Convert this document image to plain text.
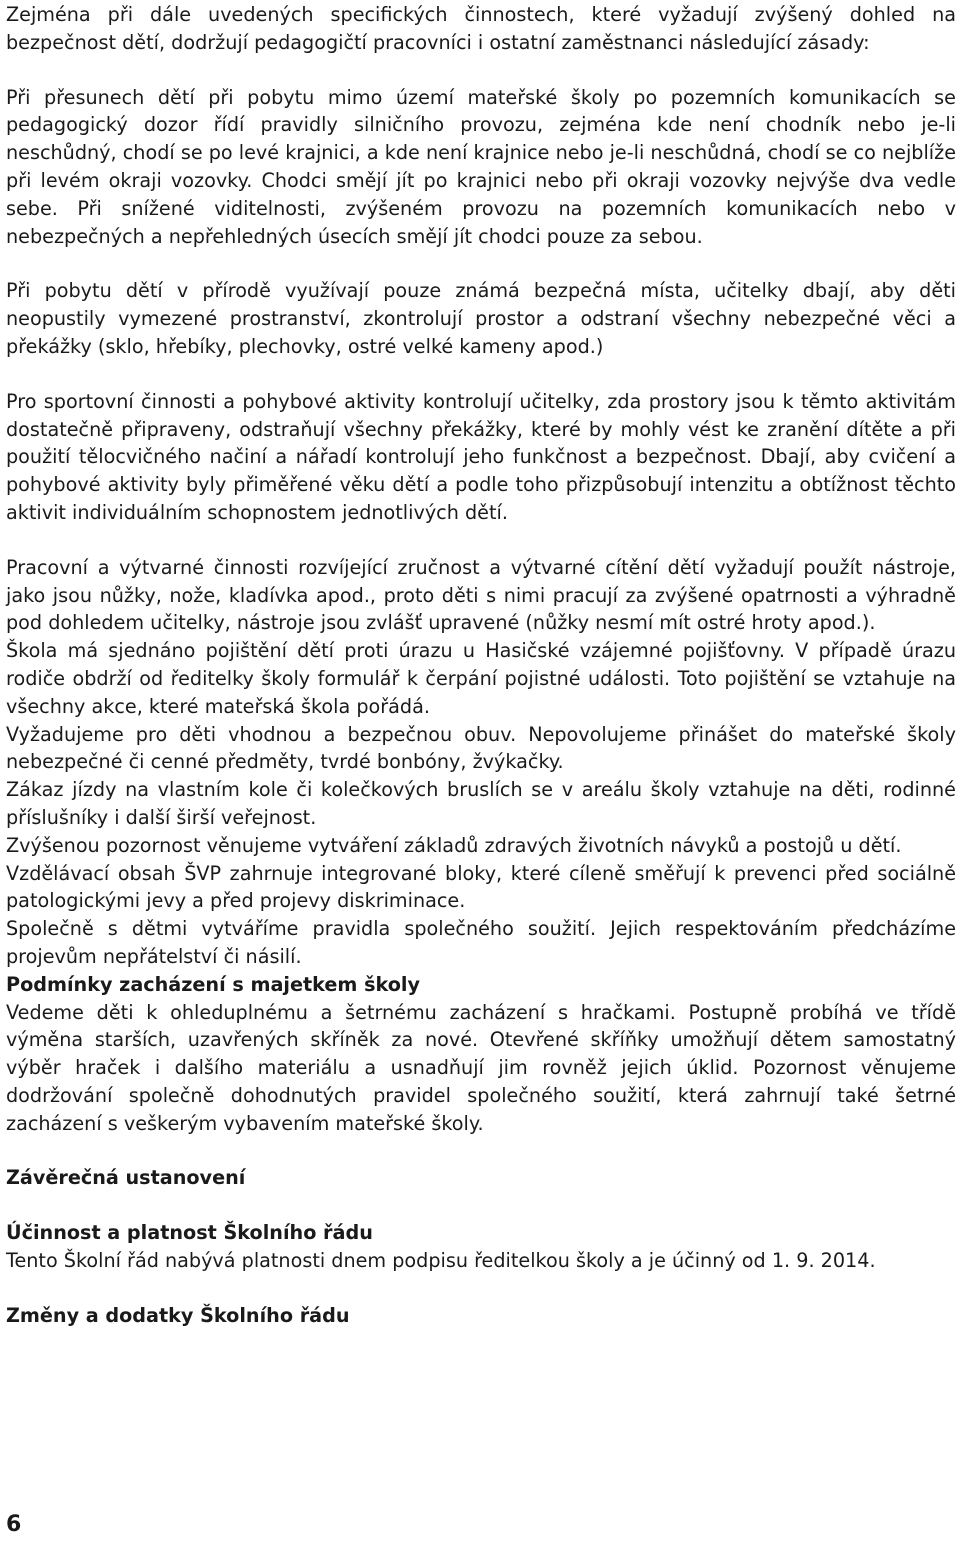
Zejména při dále uvedených specifických činnostech, které vyžadují zvýšený dohled na bezpečnost dětí, dodržují pedagogičtí pracovníci i ostatní zaměstnanci následující zásady:

Při přesunech dětí při pobytu mimo území mateřské školy po pozemních komunikacích se pedagogický dozor řídí pravidly silničního provozu, zejména kde není chodník nebo je-li neschůdný, chodí se po levé krajnici, a kde není krajnice nebo je-li neschůdná, chodí se co nejblíže při levém okraji vozovky. Chodci smějí jít po krajnici nebo při okraji vozovky nejvýše dva vedle sebe. Při snížené viditelnosti, zvýšeném provozu na pozemních komunikacích nebo v nebezpečných a nepřehledných úsecích smějí jít chodci pouze za sebou.

Při pobytu dětí v přírodě využívají pouze známá bezpečná místa, učitelky dbají, aby děti neopustily vymezené prostranství, zkontrolují prostor a odstraní všechny nebezpečné věci a překážky (sklo, hřebíky, plechovky, ostré velké kameny apod.)

Pro sportovní činnosti a pohybové aktivity kontrolují učitelky, zda prostory jsou k těmto aktivitám dostatečně připraveny, odstraňují všechny překážky, které by mohly vést ke zranění dítěte a při použití tělocvičného načiní a nářadí kontrolují jeho funkčnost a bezpečnost. Dbají, aby cvičení a pohybové aktivity byly přiměřené věku dětí a podle toho přizpůsobují intenzitu a obtížnost těchto aktivit individuálním schopnostem jednotlivých dětí.

Pracovní a výtvarné činnosti rozvíjející zručnost a výtvarné cítění dětí vyžadují použít nástroje, jako jsou nůžky, nože, kladívka apod., proto děti s nimi pracují za zvýšené opatrnosti a výhradně pod dohledem učitelky, nástroje jsou zvlášť upravené (nůžky nesmí mít ostré hroty apod.).

Škola má sjednáno pojištění dětí proti úrazu u Hasičské vzájemné pojišťovny. V případě úrazu rodiče obdrží od ředitelky školy formulář k čerpání pojistné události. Toto pojištění se vztahuje na všechny akce, které mateřská škola pořádá.

Vyžadujeme pro děti vhodnou a bezpečnou obuv. Nepovolujeme přinášet do mateřské školy nebezpečné či cenné předměty, tvrdé bonbóny, žvýkačky.

Zákaz jízdy na vlastním kole či kolečkových bruslích se v areálu školy vztahuje na děti, rodinné příslušníky i další širší veřejnost.

Zvýšenou pozornost věnujeme vytváření základů zdravých životních návyků a postojů u dětí.

Vzdělávací obsah ŠVP zahrnuje integrované bloky, které cíleně směřují k prevenci před sociálně patologickými jevy a před projevy diskriminace.

Společně s dětmi vytváříme pravidla společného soužití. Jejich respektováním předcházíme projevům nepřátelství či násilí.

Podmínky zacházení s majetkem školy

Vedeme děti k ohleduplnému a šetrnému zacházení s hračkami. Postupně probíhá ve třídě výměna starších, uzavřených skříněk za nové. Otevřené skříňky umožňují dětem samostatný výběr hraček i dalšího materiálu a usnadňují jim rovněž jejich úklid. Pozornost věnujeme dodržování společně dohodnutých pravidel společného soužití, která zahrnují také šetrné zacházení s veškerým vybavením mateřské školy.

Závěrečná ustanovení

Účinnost a platnost Školního řádu

Tento Školní řád nabývá platnosti dnem podpisu ředitelkou školy a je účinný od 1. 9. 2014.

Změny a dodatky Školního řádu

6
